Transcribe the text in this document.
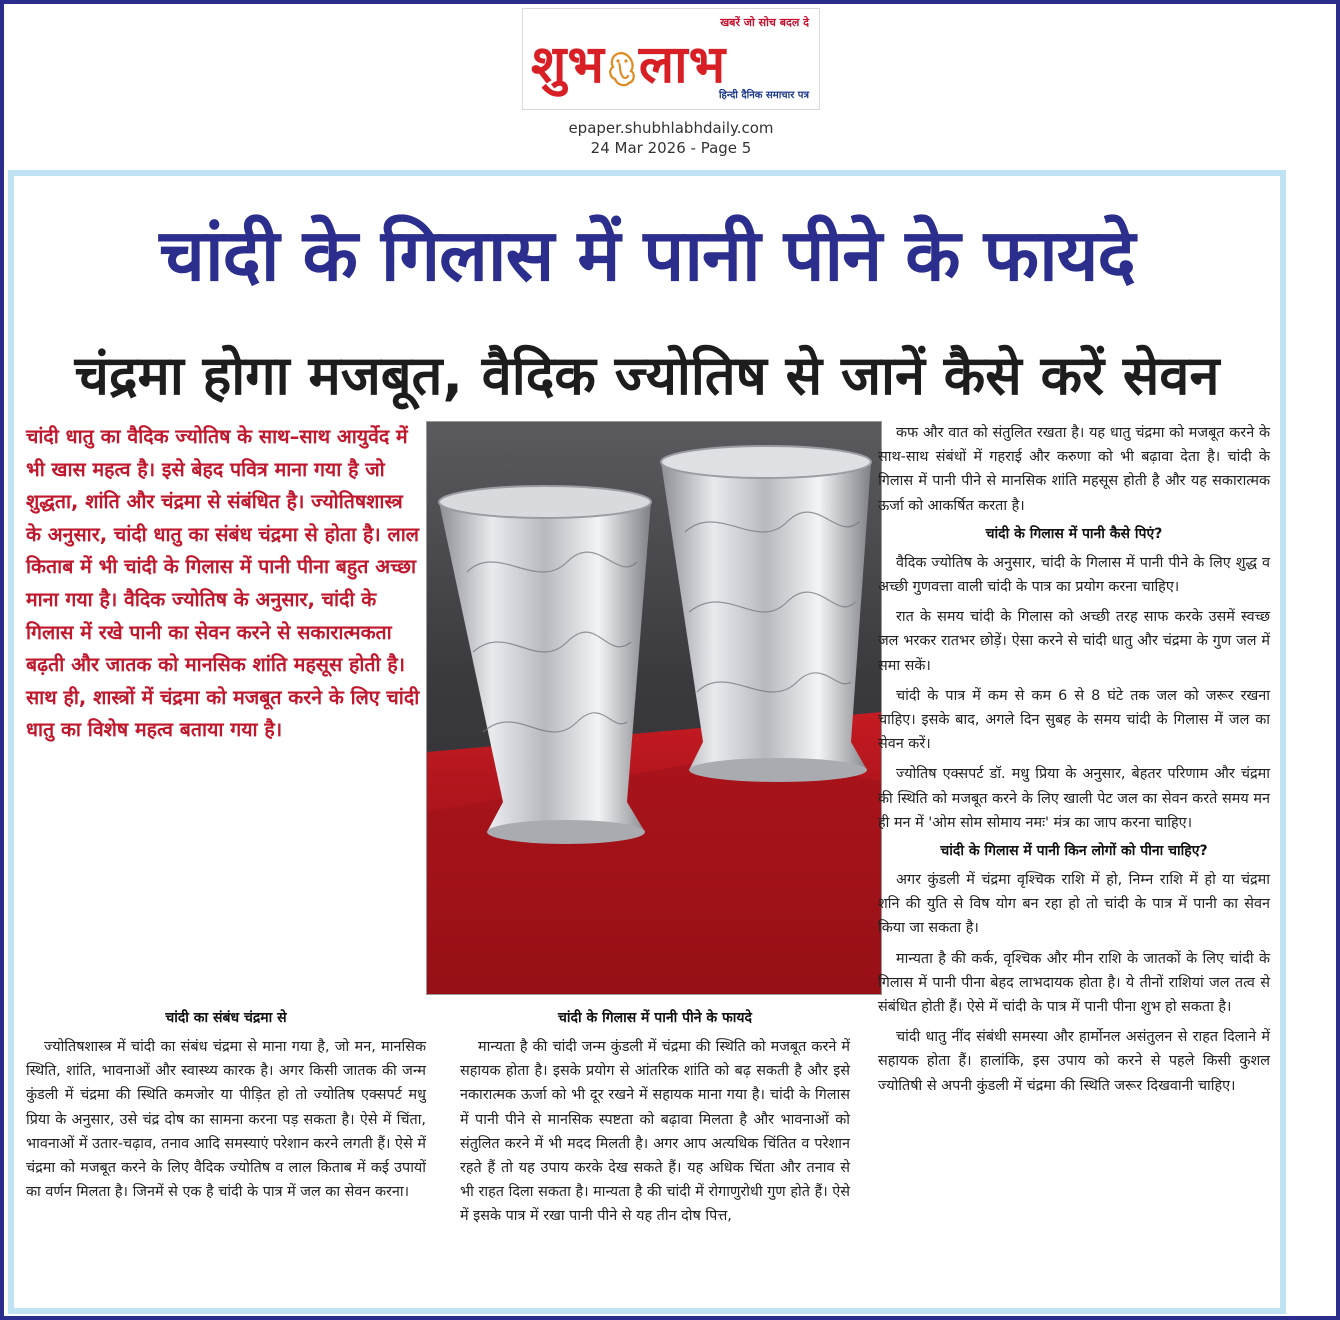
खबरें जो सोच बदल दे
शुभ लाभ
हिन्दी दैनिक समाचार पत्र
epaper.shubhlabhdaily.com
24 Mar 2026 - Page 5
चांदी के गिलास में पानी पीने के फायदे
चंद्रमा होगा मजबूत, वैदिक ज्योतिष से जानें कैसे करें सेवन
चांदी धातु का वैदिक ज्योतिष के साथ–साथ आयुर्वेद में भी खास महत्व है। इसे बेहद पवित्र माना गया है जो शुद्धता, शांति और चंद्रमा से संबंधित है। ज्योतिषशास्त्र के अनुसार, चांदी धातु का संबंध चंद्रमा से होता है। लाल किताब में भी चांदी के गिलास में पानी पीना बहुत अच्छा माना गया है। वैदिक ज्योतिष के अनुसार, चांदी के गिलास में रखे पानी का सेवन करने से सकारात्मकता बढ़ती और जातक को मानसिक शांति महसूस होती है। साथ ही, शास्त्रों में चंद्रमा को मजबूत करने के लिए चांदी धातु का विशेष महत्व बताया गया है।
चांदी का संबंध चंद्रमा से

ज्योतिषशास्त्र में चांदी का संबंध चंद्रमा से माना गया है, जो मन, मानसिक स्थिति, शांति, भावनाओं और स्वास्थ्य कारक है। अगर किसी जातक की जन्म कुंडली में चंद्रमा की स्थिति कमजोर या पीड़ित हो तो ज्योतिष एक्सपर्ट मधु प्रिया के अनुसार, उसे चंद्र दोष का सामना करना पड़ सकता है। ऐसे में चिंता, भावनाओं में उतार-चढ़ाव, तनाव आदि समस्याएं परेशान करने लगती हैं। ऐसे में चंद्रमा को मजबूत करने के लिए वैदिक ज्योतिष व लाल किताब में कई उपायों का वर्णन मिलता है। जिनमें से एक है चांदी के पात्र में जल का सेवन करना।

चांदी के गिलास में पानी पीने के फायदे

मान्यता है की चांदी जन्म कुंडली में चंद्रमा की स्थिति को मजबूत करने में सहायक होता है। इसके प्रयोग से आंतरिक शांति को बढ़ सकती है और इसे नकारात्मक ऊर्जा को भी दूर रखने में सहायक माना गया है। चांदी के गिलास में पानी पीने से मानसिक स्पष्टता को बढ़ावा मिलता है और भावनाओं को संतुलित करने में भी मदद मिलती है। अगर आप अत्यधिक चिंतित व परेशान रहते हैं तो यह उपाय करके देख सकते हैं। यह अधिक चिंता और तनाव से भी राहत दिला सकता है। मान्यता है की चांदी में रोगाणुरोधी गुण होते हैं। ऐसे में इसके पात्र में रखा पानी पीने से यह तीन दोष पित्त,

कफ और वात को संतुलित रखता है। यह धातु चंद्रमा को मजबूत करने के साथ-साथ संबंधों में गहराई और करुणा को भी बढ़ावा देता है। चांदी के गिलास में पानी पीने से मानसिक शांति महसूस होती है और यह सकारात्मक ऊर्जा को आकर्षित करता है।

चांदी के गिलास में पानी कैसे पिएं?

वैदिक ज्योतिष के अनुसार, चांदी के गिलास में पानी पीने के लिए शुद्ध व अच्छी गुणवत्ता वाली चांदी के पात्र का प्रयोग करना चाहिए।

रात के समय चांदी के गिलास को अच्छी तरह साफ करके उसमें स्वच्छ जल भरकर रातभर छोड़ें। ऐसा करने से चांदी धातु और चंद्रमा के गुण जल में समा सकें।

चांदी के पात्र में कम से कम 6 से 8 घंटे तक जल को जरूर रखना चाहिए। इसके बाद, अगले दिन सुबह के समय चांदी के गिलास में जल का सेवन करें।

ज्योतिष एक्सपर्ट डॉ. मधु प्रिया के अनुसार, बेहतर परिणाम और चंद्रमा की स्थिति को मजबूत करने के लिए खाली पेट जल का सेवन करते समय मन ही मन में 'ओम सोम सोमाय नमः' मंत्र का जाप करना चाहिए।

चांदी के गिलास में पानी किन लोगों को पीना चाहिए?

अगर कुंडली में चंद्रमा वृश्चिक राशि में हो, निम्न राशि में हो या चंद्रमा शनि की युति से विष योग बन रहा हो तो चांदी के पात्र में पानी का सेवन किया जा सकता है।

मान्यता है की कर्क, वृश्चिक और मीन राशि के जातकों के लिए चांदी के गिलास में पानी पीना बेहद लाभदायक होता है। ये तीनों राशियां जल तत्व से संबंधित होती हैं। ऐसे में चांदी के पात्र में पानी पीना शुभ हो सकता है।

चांदी धातु नींद संबंधी समस्या और हार्मोनल असंतुलन से राहत दिलाने में सहायक होता हैं। हालांकि, इस उपाय को करने से पहले किसी कुशल ज्योतिषी से अपनी कुंडली में चंद्रमा की स्थिति जरूर दिखवानी चाहिए।
